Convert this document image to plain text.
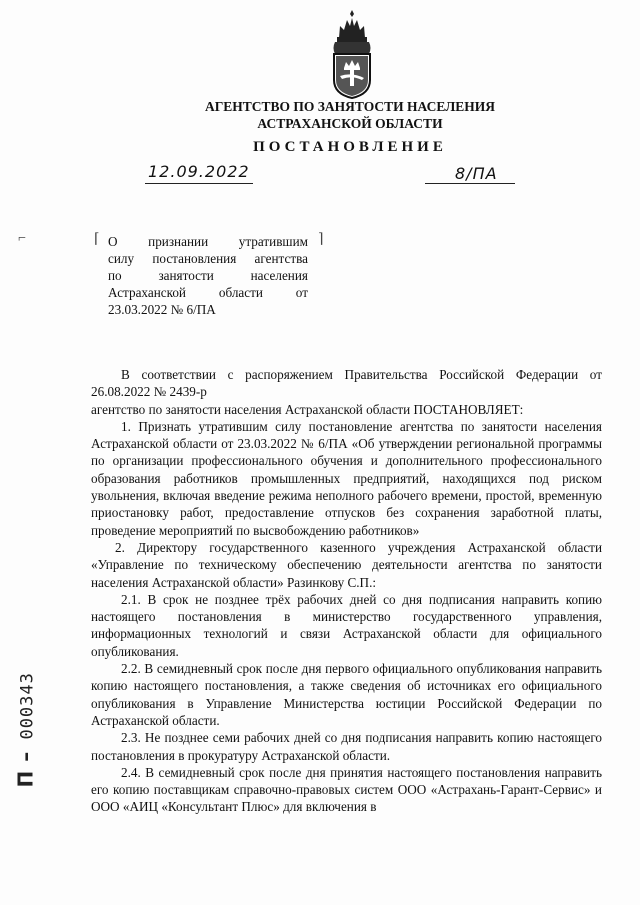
АГЕНТСТВО ПО ЗАНЯТОСТИ НАСЕЛЕНИЯ
АСТРАХАНСКОЙ ОБЛАСТИ
ПОСТАНОВЛЕНИЕ
12.09.2022	8/ПА
⌐	⌈	⌉
О признании утратившим
силу постановления агентства
по занятости населения
Астраханской области от
23.03.2022 № 6/ПА

В соответствии с распоряжением Правительства Российской Федерации от 26.08.2022 № 2439-р

агентство по занятости населения Астраханской области ПОСТАНОВЛЯЕТ:

1. Признать утратившим силу постановление агентства по занятости населения Астраханской области от 23.03.2022 № 6/ПА «Об утверждении региональной программы по организации профессионального обучения и дополнительного профессионального образования работников промышленных предприятий, находящихся под риском увольнения, включая введение режима неполного рабочего времени, простой, временную приостановку работ, предоставление отпусков без сохранения заработной платы, проведение мероприятий по высвобождению работников»

2. Директору государственного казенного учреждения Астраханской области «Управление по техническому обеспечению деятельности агентства по занятости населения Астраханской области» Разинкову С.П.:

2.1. В срок не позднее трёх рабочих дней со дня подписания направить копию настоящего постановления в министерство государственного управления, информационных технологий и связи Астраханской области для официального опубликования.

2.2. В семидневный срок после дня первого официального опубликования направить копию настоящего постановления, а также сведения об источниках его официального опубликования в Управление Министерства юстиции Российской Федерации по Астраханской области.

2.3. Не позднее семи рабочих дней со дня подписания направить копию настоящего постановления в прокуратуру Астраханской области.

2.4. В семидневный срок после дня принятия настоящего постановления направить его копию поставщикам справочно-правовых систем ООО «Астрахань-Гарант-Сервис» и ООО «АИЦ «Консультант Плюс» для включения в

П – 000343
